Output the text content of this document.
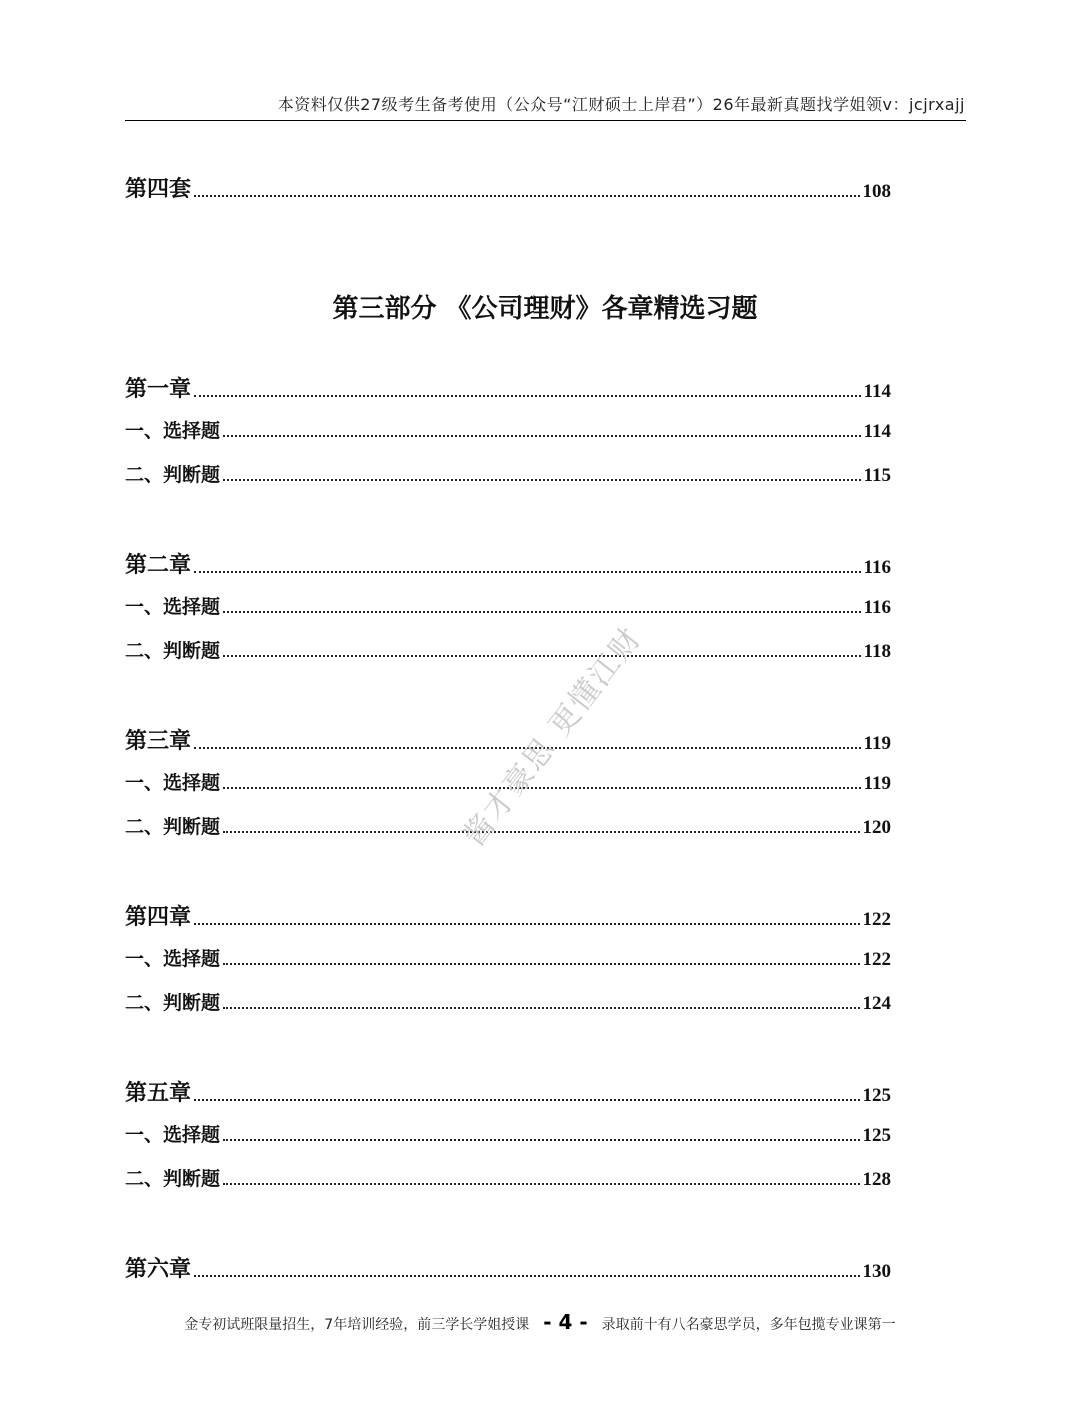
本资料仅供27级考生备考使用（公众号“江财硕士上岸君”）26年最新真题找学姐领v：jcjrxajj
第四套	108
第三部分 《公司理财》各章精选习题
第一章	114
一、选择题	114
二、判断题	115
第二章	116
一、选择题	116
二、判断题	118
第三章	119
一、选择题	119
二、判断题	120
第四章	122
一、选择题	122
二、判断题	124
第五章	125
一、选择题	125
二、判断题	128
第六章	130
酱才豪思 更懂江财
金专初试班限量招生，7年培训经验，前三学长学姐授课 - 4 - 录取前十有八名豪思学员，多年包揽专业课第一
